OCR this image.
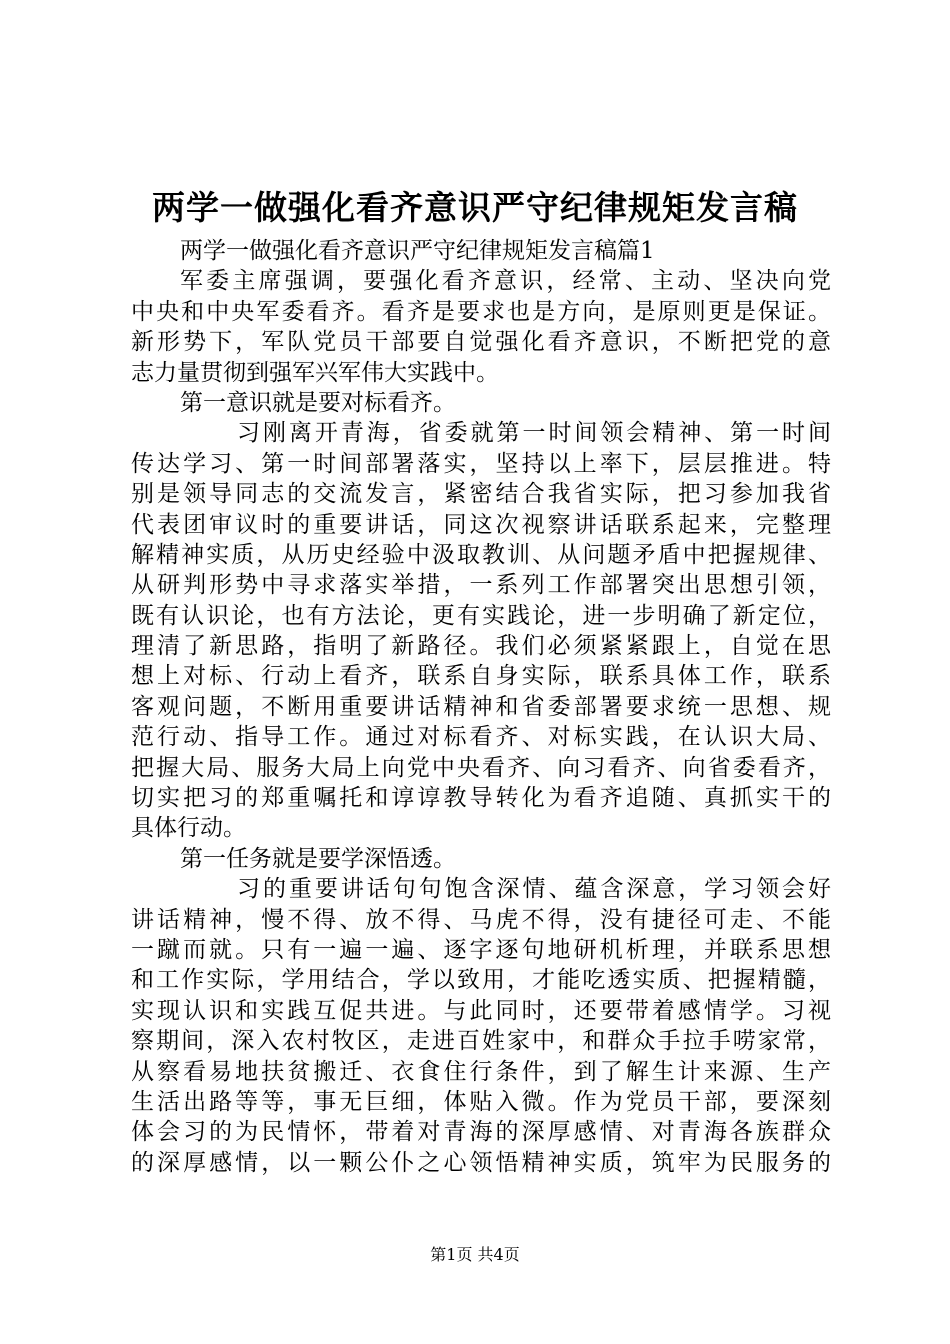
两学一做强化看齐意识严守纪律规矩发言稿
两学一做强化看齐意识严守纪律规矩发言稿篇1
军委主席强调，要强化看齐意识，经常、主动、坚决向党
中央和中央军委看齐。看齐是要求也是方向，是原则更是保证。
新形势下，军队党员干部要自觉强化看齐意识，不断把党的意
志力量贯彻到强军兴军伟大实践中。
第一意识就是要对标看齐。
习刚离开青海，省委就第一时间领会精神、第一时间
传达学习、第一时间部署落实，坚持以上率下，层层推进。特
别是领导同志的交流发言，紧密结合我省实际，把习参加我省
代表团审议时的重要讲话，同这次视察讲话联系起来，完整理
解精神实质，从历史经验中汲取教训、从问题矛盾中把握规律、
从研判形势中寻求落实举措，一系列工作部署突出思想引领，
既有认识论，也有方法论，更有实践论，进一步明确了新定位，
理清了新思路，指明了新路径。我们必须紧紧跟上，自觉在思
想上对标、行动上看齐，联系自身实际，联系具体工作，联系
客观问题，不断用重要讲话精神和省委部署要求统一思想、规
范行动、指导工作。通过对标看齐、对标实践，在认识大局、
把握大局、服务大局上向党中央看齐、向习看齐、向省委看齐，
切实把习的郑重嘱托和谆谆教导转化为看齐追随、真抓实干的
具体行动。
第一任务就是要学深悟透。
习的重要讲话句句饱含深情、蕴含深意，学习领会好
讲话精神，慢不得、放不得、马虎不得，没有捷径可走、不能
一蹴而就。只有一遍一遍、逐字逐句地研机析理，并联系思想
和工作实际，学用结合，学以致用，才能吃透实质、把握精髓，
实现认识和实践互促共进。与此同时，还要带着感情学。习视
察期间，深入农村牧区，走进百姓家中，和群众手拉手唠家常，
从察看易地扶贫搬迁、衣食住行条件，到了解生计来源、生产
生活出路等等，事无巨细，体贴入微。作为党员干部，要深刻
体会习的为民情怀，带着对青海的深厚感情、对青海各族群众
的深厚感情，以一颗公仆之心领悟精神实质，筑牢为民服务的
第1页 共4页
